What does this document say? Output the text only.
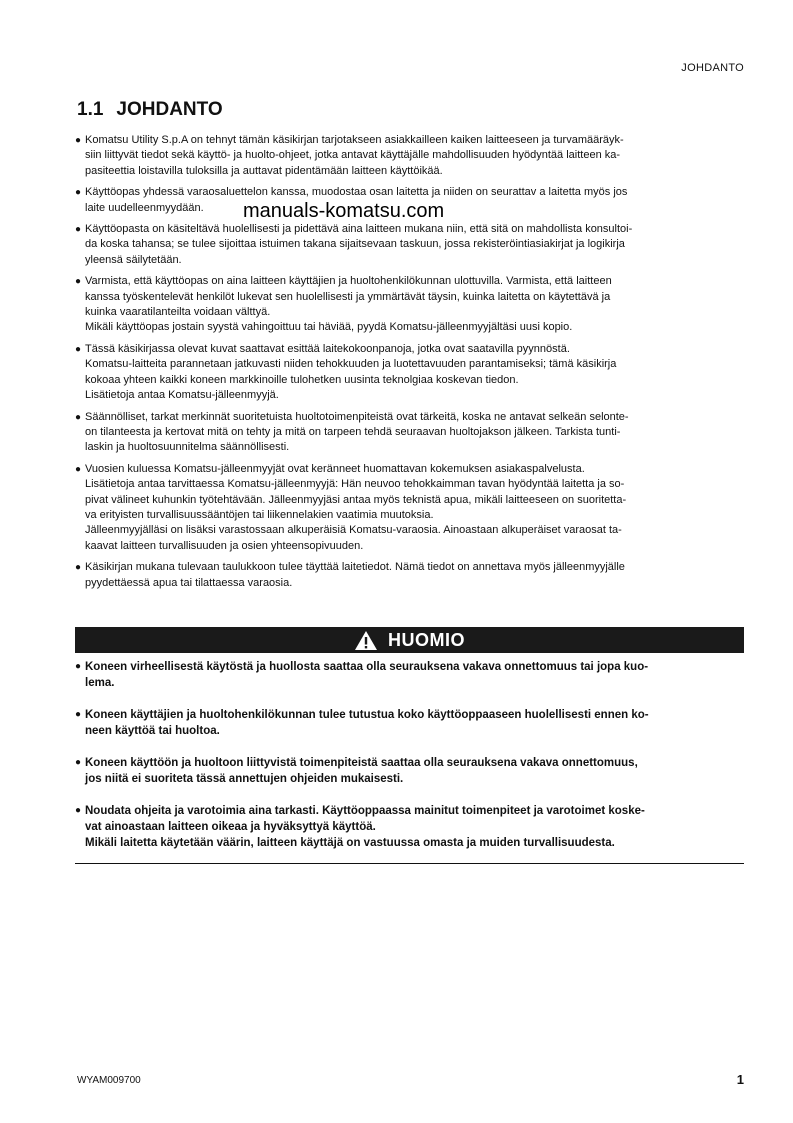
JOHDANTO
1.1 JOHDANTO
● Komatsu Utility S.p.A on tehnyt tämän käsikirjan tarjotakseen asiakkailleen kaiken laitteeseen ja turvamääräyk-
siin liittyvät tiedot sekä käyttö- ja huolto-ohjeet, jotka antavat käyttäjälle mahdollisuuden hyödyntää laitteen ka-
pasiteettia loistavilla tuloksilla ja auttavat pidentämään laitteen käyttöikää.
● Käyttöopas yhdessä varaosaluettelon kanssa, muodostaa osan laitetta ja niiden on seurattav a laitetta myös jos
laite uudelleenmyydään.
● Käyttöopasta on käsiteltävä huolellisesti ja pidettävä aina laitteen mukana niin, että sitä on mahdollista konsultoi-
da koska tahansa; se tulee sijoittaa istuimen takana sijaitsevaan taskuun, jossa rekisteröintiasiakirjat ja logikirja
yleensä säilytetään.
● Varmista, että käyttöopas on aina laitteen käyttäjien ja huoltohenkilökunnan ulottuvilla. Varmista, että laitteen
kanssa työskentelevät henkilöt lukevat sen huolellisesti ja ymmärtävät täysin, kuinka laitetta on käytettävä ja
kuinka vaaratilanteilta voidaan välttyä.
Mikäli käyttöopas jostain syystä vahingoittuu tai häviää, pyydä Komatsu-jälleenmyyjältäsi uusi kopio.
● Tässä käsikirjassa olevat kuvat saattavat esittää laitekokoonpanoja, jotka ovat saatavilla pyynnöstä.
Komatsu-laitteita parannetaan jatkuvasti niiden tehokkuuden ja luotettavuuden parantamiseksi; tämä käsikirja
kokoaa yhteen kaikki koneen markkinoille tulohetken uusinta teknolgiaa koskevan tiedon.
Lisätietoja antaa Komatsu-jälleenmyyjä.
● Säännölliset, tarkat merkinnät suoritetuista huoltotoimenpiteistä ovat tärkeitä, koska ne antavat selkeän selonte-
on tilanteesta ja kertovat mitä on tehty ja mitä on tarpeen tehdä seuraavan huoltojakson jälkeen. Tarkista tunti-
laskin ja huoltosuunnitelma säännöllisesti.
● Vuosien kuluessa Komatsu-jälleenmyyjät ovat keränneet huomattavan kokemuksen asiakaspalvelusta.
Lisätietoja antaa tarvittaessa Komatsu-jälleenmyyjä: Hän neuvoo tehokkaimman tavan hyödyntää laitetta ja so-
pivat välineet kuhunkin työtehtävään. Jälleenmyyjäsi antaa myös teknistä apua, mikäli laitteeseen on suoritetta-
va erityisten turvallisuussääntöjen tai liikennelakien vaatimia muutoksia.
Jälleenmyyjälläsi on lisäksi varastossaan alkuperäisiä Komatsu-varaosia. Ainoastaan alkuperäiset varaosat ta-
kaavat laitteen turvallisuuden ja osien yhteensopivuuden.
● Käsikirjan mukana tulevaan taulukkoon tulee täyttää laitetiedot. Nämä tiedot on annettava myös jälleenmyyjälle
pyydettäessä apua tai tilattaessa varaosia.
manuals-komatsu.com
HUOMIO
● Koneen virheellisestä käytöstä ja huollosta saattaa olla seurauksena vakava onnettomuus tai jopa kuo-
lema.
● Koneen käyttäjien ja huoltohenkilökunnan tulee tutustua koko käyttöoppaaseen huolellisesti ennen ko-
neen käyttöä tai huoltoa.
● Koneen käyttöön ja huoltoon liittyvistä toimenpiteistä saattaa olla seurauksena vakava onnettomuus,
jos niitä ei suoriteta tässä annettujen ohjeiden mukaisesti.
● Noudata ohjeita ja varotoimia aina tarkasti. Käyttöoppaassa mainitut toimenpiteet ja varotoimet koske-
vat ainoastaan laitteen oikeaa ja hyväksyttyä käyttöä.
Mikäli laitetta käytetään väärin, laitteen käyttäjä on vastuussa omasta ja muiden turvallisuudesta.
WYAM009700	1
